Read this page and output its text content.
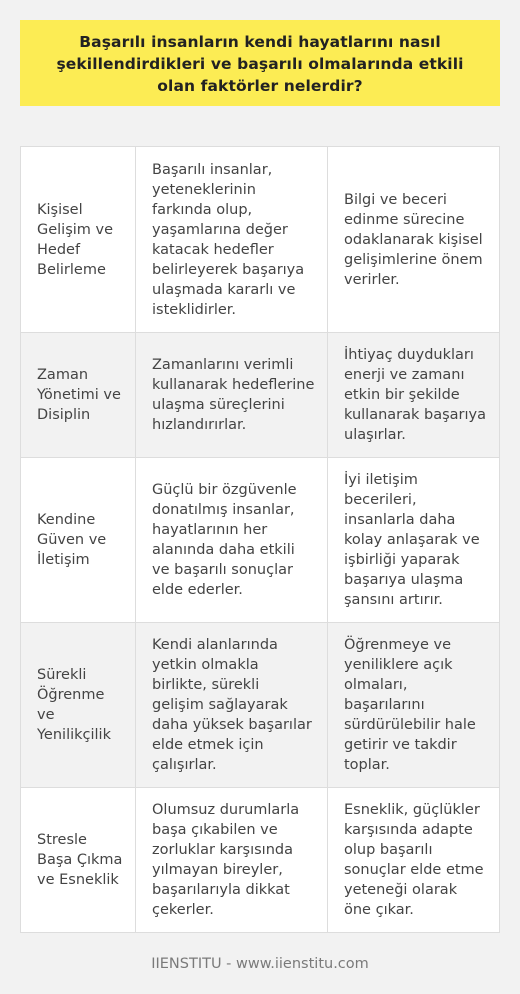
Başarılı insanların kendi hayatlarını nasıl şekillendirdikleri ve başarılı olmalarında etkili olan faktörler nelerdir?
Kişisel Gelişim ve Hedef Belirleme
Başarılı insanlar, yeteneklerinin farkında olup, yaşamlarına değer katacak hedefler belirleyerek başarıya ulaşmada kararlı ve isteklidirler.
Bilgi ve beceri edinme sürecine odaklanarak kişisel gelişimlerine önem verirler.
Zaman Yönetimi ve Disiplin
Zamanlarını verimli kullanarak hedeflerine ulaşma süreçlerini hızlandırırlar.
İhtiyaç duydukları enerji ve zamanı etkin bir şekilde kullanarak başarıya ulaşırlar.
Kendine Güven ve İletişim
Güçlü bir özgüvenle donatılmış insanlar, hayatlarının her alanında daha etkili ve başarılı sonuçlar elde ederler.
İyi iletişim becerileri, insanlarla daha kolay anlaşarak ve işbirliği yaparak başarıya ulaşma şansını artırır.
Sürekli Öğrenme ve Yenilikçilik
Kendi alanlarında yetkin olmakla birlikte, sürekli gelişim sağlayarak daha yüksek başarılar elde etmek için çalışırlar.
Öğrenmeye ve yeniliklere açık olmaları, başarılarını sürdürülebilir hale getirir ve takdir toplar.
Stresle Başa Çıkma ve Esneklik
Olumsuz durumlarla başa çıkabilen ve zorluklar karşısında yılmayan bireyler, başarılarıyla dikkat çekerler.
Esneklik, güçlükler karşısında adapte olup başarılı sonuçlar elde etme yeteneği olarak öne çıkar.
IIENSTITU - www.iienstitu.com
